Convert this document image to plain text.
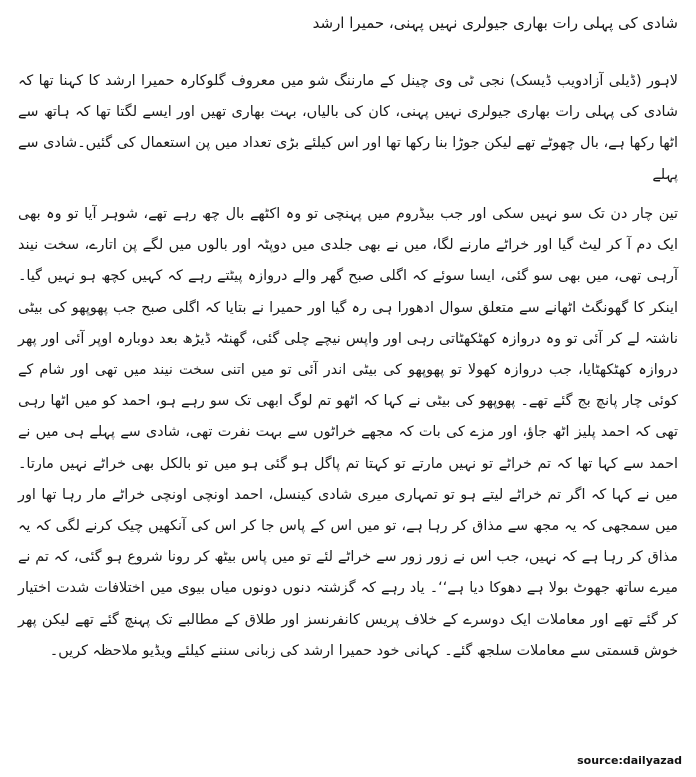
شادی کی پہلی رات بھاری جیولری نہیں پہنی، حمیرا ارشد

لاہور (ڈیلی آزادویب ڈیسک) نجی ٹی وی چینل کے مارننگ شو میں معروف گلوکارہ حمیرا ارشد کا کہنا تھا کہ شادی کی پہلی رات بھاری جیولری نہیں پہنی، کان کی بالیاں، بہت بھاری تھیں اور ایسے لگتا تھا کہ ہاتھ سے اٹھا رکھا ہے، بال چھوٹے تھے لیکن جوڑا بنا رکھا تھا اور اس کیلئے بڑی تعداد میں پن استعمال کی گئیں۔شادی سے پہلے

تین چار دن تک سو نہیں سکی اور جب بیڈروم میں پہنچی تو وہ اکٹھے بال چھ رہے تھے، شوہر آیا تو وہ بھی ایک دم آ کر لیٹ گیا اور خراٹے مارنے لگا، میں نے بھی جلدی میں دوپٹہ اور بالوں میں لگے پن اتارے، سخت نیند آرہی تھی، میں بھی سو گئی، ایسا سوئے کہ اگلی صبح گھر والے دروازہ پیٹتے رہے کہ کہیں کچھ ہو نہیں گیا۔ اینکر کا گھونگٹ اٹھانے سے متعلق سوال ادھورا ہی رہ گیا اور حمیرا نے بتایا کہ اگلی صبح جب پھوپھو کی بیٹی ناشتہ لے کر آئی تو وہ دروازہ کھٹکھٹاتی رہی اور واپس نیچے چلی گئی، گھنٹہ ڈیڑھ بعد دوبارہ اوپر آئی اور پھر دروازہ کھٹکھٹایا، جب دروازہ کھولا تو پھوپھو کی بیٹی اندر آئی تو میں اتنی سخت نیند میں تھی اور شام کے کوئی چار پانچ بج گئے تھے۔ پھوپھو کی بیٹی نے کہا کہ اٹھو تم لوگ ابھی تک سو رہے ہو، احمد کو میں اٹھا رہی تھی کہ احمد پلیز اٹھ جاؤ، اور مزے کی بات کہ مجھے خراٹوں سے بہت نفرت تھی، شادی سے پہلے ہی میں نے احمد سے کہا تھا کہ تم خراٹے تو نہیں مارتے تو کہتا تم پاگل ہو گئی ہو میں تو بالکل بھی خراٹے نہیں مارتا۔ میں نے کہا کہ اگر تم خراٹے لیتے ہو تو تمہاری میری شادی کینسل، احمد اونچی اونچی خراٹے مار رہا تھا اور میں سمجھی کہ یہ مجھ سے مذاق کر رہا ہے، تو میں اس کے پاس جا کر اس کی آنکھیں چیک کرنے لگی کہ یہ مذاق کر رہا ہے کہ نہیں، جب اس نے زور زور سے خراٹے لئے تو میں پاس بیٹھ کر رونا شروع ہو گئی، کہ تم نے میرے ساتھ جھوٹ بولا ہے دھوکا دیا ہے‘‘۔ یاد رہے کہ گزشتہ دنوں دونوں میاں بیوی میں اختلافات شدت اختیار کر گئے تھے اور معاملات ایک دوسرے کے خلاف پریس کانفرنسز اور طلاق کے مطالبے تک پہنچ گئے تھے لیکن پھر خوش قسمتی سے معاملات سلجھ گئے۔ کہانی خود حمیرا ارشد کی زبانی سننے کیلئے ویڈیو ملاحظہ کریں۔

source:dailyazad
